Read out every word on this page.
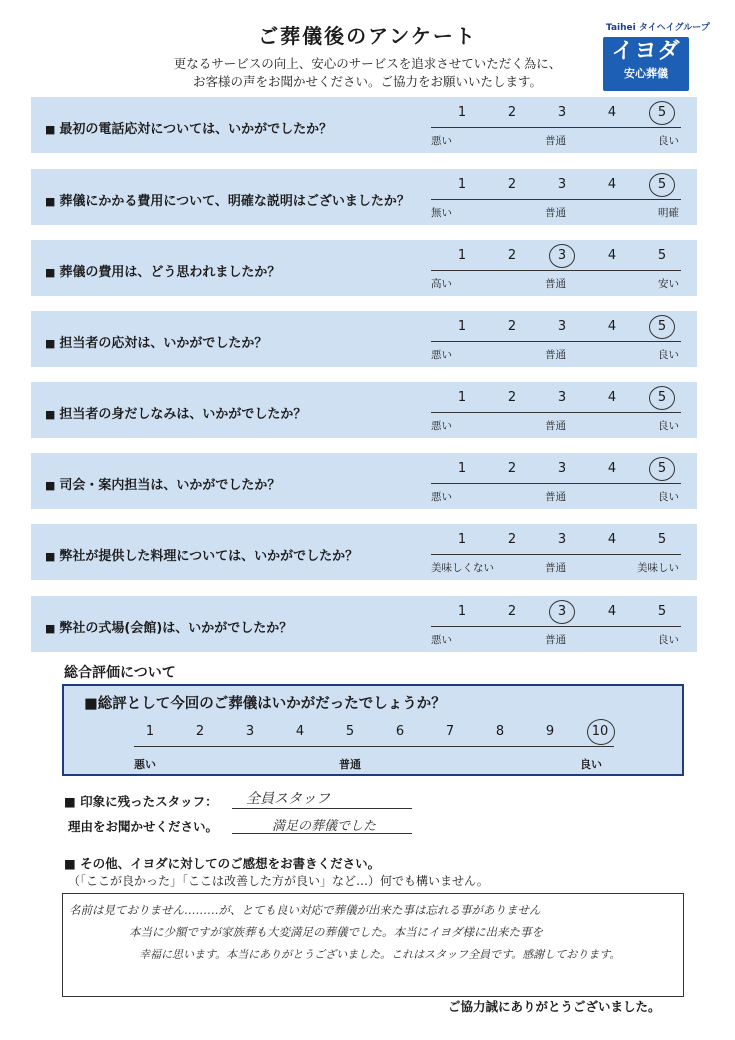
ご葬儀後のアンケート
更なるサービスの向上、安心のサービスを追求させていただく為に、
お客様の声をお聞かせください。ご協力をお願いいたします。
Taihei タイヘイグループ
イヨダ
安心葬儀
■ 最初の電話応対については、いかがでしたか？
1	2	3	4	5
悪い	普通	良い
■ 葬儀にかかる費用について、明確な説明はございましたか？
1	2	3	4	5
無い	普通	明確
■ 葬儀の費用は、どう思われましたか？
1	2	3	4	5
高い	普通	安い
■ 担当者の応対は、いかがでしたか？
1	2	3	4	5
悪い	普通	良い
■ 担当者の身だしなみは、いかがでしたか？
1	2	3	4	5
悪い	普通	良い
■ 司会・案内担当は、いかがでしたか？
1	2	3	4	5
悪い	普通	良い
■ 弊社が提供した料理については、いかがでしたか？
1	2	3	4	5
美味しくない	普通	美味しい
■ 弊社の式場(会館)は、いかがでしたか？
1	2	3	4	5
悪い	普通	良い
総合評価について
■総評として今回のご葬儀はいかがだったでしょうか？
悪い	普通	良い
1	2	3	4	5	6	7	8	9	10
■ 印象に残ったスタッフ： 全員スタッフ
理由をお聞かせください。	満足の葬儀でした
■ その他、イヨダに対してのご感想をお書きください。
（「ここが良かった」「ここは改善した方が良い」など…）何でも構いません。
名前は見ておりません………が、とても良い対応で葬儀が出来た事は忘れる事がありません
本当に少額ですが家族葬も大変満足の葬儀でした。本当にイヨダ様に出来た事を
幸福に思います。本当にありがとうございました。これはスタッフ全員です。感謝しております。
ご協力誠にありがとうございました。
